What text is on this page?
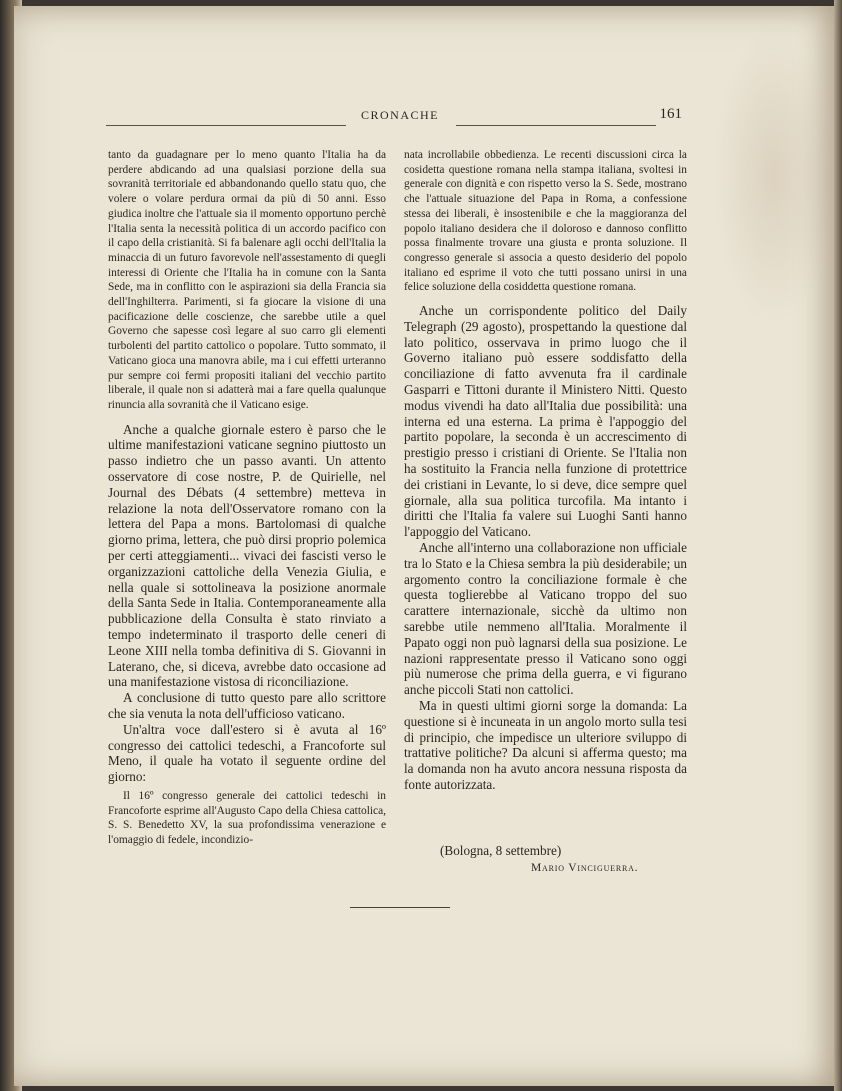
CRONACHE	161

tanto da guadagnare per lo meno quanto l'Italia ha da perdere abdicando ad una qualsiasi porzione della sua sovranità territoriale ed abbandonando quello statu quo, che volere o volare perdura ormai da più di 50 anni. Esso giudica inoltre che l'attuale sia il momento opportuno perchè l'Italia senta la necessità politica di un accordo pacifico con il capo della cristianità. Si fa balenare agli occhi dell'Italia la minaccia di un futuro favorevole nell'assestamento di quegli interessi di Oriente che l'Italia ha in comune con la Santa Sede, ma in conflitto con le aspirazioni sia della Francia sia dell'Inghilterra. Parimenti, si fa giocare la visione di una pacificazione delle coscienze, che sarebbe utile a quel Governo che sapesse così legare al suo carro gli elementi turbolenti del partito cattolico o popolare. Tutto sommato, il Vaticano gioca una manovra abile, ma i cui effetti urteranno pur sempre coi fermi propositi italiani del vecchio partito liberale, il quale non si adatterà mai a fare quella qualunque rinuncia alla sovranità che il Vaticano esige.

Anche a qualche giornale estero è parso che le ultime manifestazioni vaticane segnino piuttosto un passo indietro che un passo avanti. Un attento osservatore di cose nostre, P. de Quirielle, nel Journal des Débats (4 settembre) metteva in relazione la nota dell'Osservatore romano con la lettera del Papa a mons. Bartolomasi di qualche giorno prima, lettera, che può dirsi proprio polemica per certi atteggiamenti... vivaci dei fascisti verso le organizzazioni cattoliche della Venezia Giulia, e nella quale si sottolineava la posizione anormale della Santa Sede in Italia. Contemporaneamente alla pubblicazione della Consulta è stato rinviato a tempo indeterminato il trasporto delle ceneri di Leone XIII nella tomba definitiva di S. Giovanni in Laterano, che, si diceva, avrebbe dato occasione ad una manifestazione vistosa di riconciliazione.

A conclusione di tutto questo pare allo scrittore che sia venuta la nota dell'ufficioso vaticano.

Un'altra voce dall'estero si è avuta al 16º congresso dei cattolici tedeschi, a Francoforte sul Meno, il quale ha votato il seguente ordine del giorno:

Il 16º congresso generale dei cattolici tedeschi in Francoforte esprime all'Augusto Capo della Chiesa cattolica, S. S. Benedetto XV, la sua profondissima venerazione e l'omaggio di fedele, incondizio-

nata incrollabile obbedienza. Le recenti discussioni circa la cosidetta questione romana nella stampa italiana, svoltesi in generale con dignità e con rispetto verso la S. Sede, mostrano che l'attuale situazione del Papa in Roma, a confessione stessa dei liberali, è insostenibile e che la maggioranza del popolo italiano desidera che il doloroso e dannoso conflitto possa finalmente trovare una giusta e pronta soluzione. Il congresso generale si associa a questo desiderio del popolo italiano ed esprime il voto che tutti possano unirsi in una felice soluzione della cosiddetta questione romana.

Anche un corrispondente politico del Daily Telegraph (29 agosto), prospettando la questione dal lato politico, osservava in primo luogo che il Governo italiano può essere soddisfatto della conciliazione di fatto avvenuta fra il cardinale Gasparri e Tittoni durante il Ministero Nitti. Questo modus vivendi ha dato all'Italia due possibilità: una interna ed una esterna. La prima è l'appoggio del partito popolare, la seconda è un accrescimento di prestigio presso i cristiani di Oriente. Se l'Italia non ha sostituito la Francia nella funzione di protettrice dei cristiani in Levante, lo si deve, dice sempre quel giornale, alla sua politica turcofila. Ma intanto i diritti che l'Italia fa valere sui Luoghi Santi hanno l'appoggio del Vaticano.

Anche all'interno una collaborazione non ufficiale tra lo Stato e la Chiesa sembra la più desiderabile; un argomento contro la conciliazione formale è che questa toglierebbe al Vaticano troppo del suo carattere internazionale, sicchè da ultimo non sarebbe utile nemmeno all'Italia. Moralmente il Papato oggi non può lagnarsi della sua posizione. Le nazioni rappresentate presso il Vaticano sono oggi più numerose che prima della guerra, e vi figurano anche piccoli Stati non cattolici.

Ma in questi ultimi giorni sorge la domanda: La questione si è incuneata in un angolo morto sulla tesi di principio, che impedisce un ulteriore sviluppo di trattative politiche? Da alcuni si afferma questo; ma la domanda non ha avuto ancora nessuna risposta da fonte autorizzata.

(Bologna, 8 settembre)
Mario Vinciguerra.
